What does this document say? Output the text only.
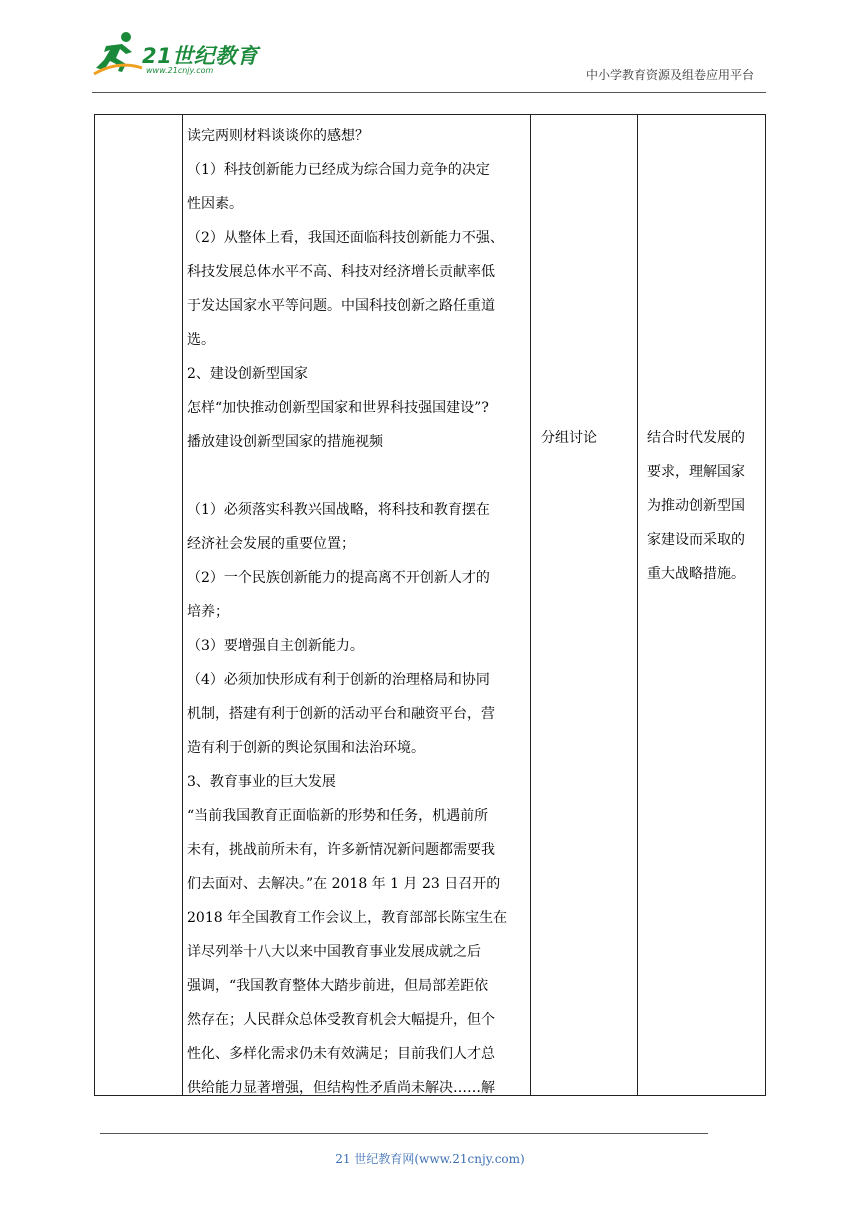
21世纪教育
www.21cnjy.com	中小学教育资源及组卷应用平台

读完两则材料谈谈你的感想？

（1）科技创新能力已经成为综合国力竞争的决定

性因素。

（2）从整体上看，我国还面临科技创新能力不强、

科技发展总体水平不高、科技对经济增长贡献率低

于发达国家水平等问题。中国科技创新之路任重道

选。

2、建设创新型国家

怎样“加快推动创新型国家和世界科技强国建设”?

播放建设创新型国家的措施视频

（1）必须落实科教兴国战略，将科技和教育摆在

经济社会发展的重要位置；

（2）一个民族创新能力的提高离不开创新人才的

培养；

（3）要增强自主创新能力。

（4）必须加快形成有利于创新的治理格局和协同

机制，搭建有利于创新的活动平台和融资平台，营

造有利于创新的舆论氛围和法治环境。

3、教育事业的巨大发展

“当前我国教育正面临新的形势和任务，机遇前所

未有，挑战前所未有，许多新情况新问题都需要我

们去面对、去解决。”在 2018 年 1 月 23 日召开的

2018 年全国教育工作会议上，教育部部长陈宝生在

详尽列举十八大以来中国教育事业发展成就之后

强调，“我国教育整体大踏步前进，但局部差距依

然存在；人民群众总体受教育机会大幅提升，但个

性化、多样化需求仍未有效满足；目前我们人才总

供给能力显著增强，但结构性矛盾尚未解决……解

分组讨论	结合时代发展的

要求，理解国家

为推动创新型国

家建设而采取的

重大战略措施。

21 世纪教育网(www.21cnjy.com)
